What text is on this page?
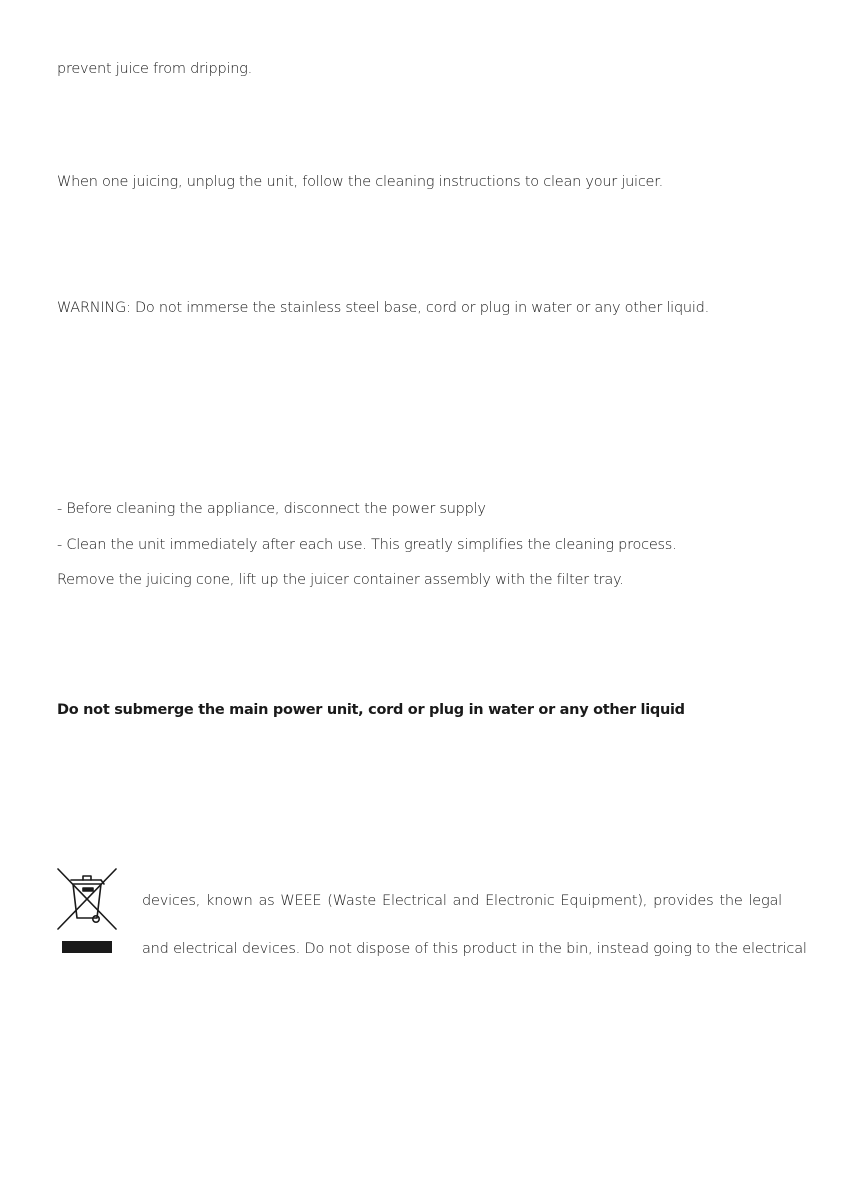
prevent juice from dripping.
When one juicing, unplug the unit, follow the cleaning instructions to clean your juicer.
WARNING: Do not immerse the stainless steel base, cord or plug in water or any other liquid.
- Before cleaning the appliance, disconnect the power supply
- Clean the unit immediately after each use. This greatly simplifies the cleaning process.
Remove the juicing cone, lift up the juicer container assembly with the filter tray.
Do not submerge the main power unit, cord or plug in water or any other liquid
devices, known as WEEE (Waste Electrical and Electronic Equipment), provides the legal
and electrical devices. Do not dispose of this product in the bin, instead going to the electrical
